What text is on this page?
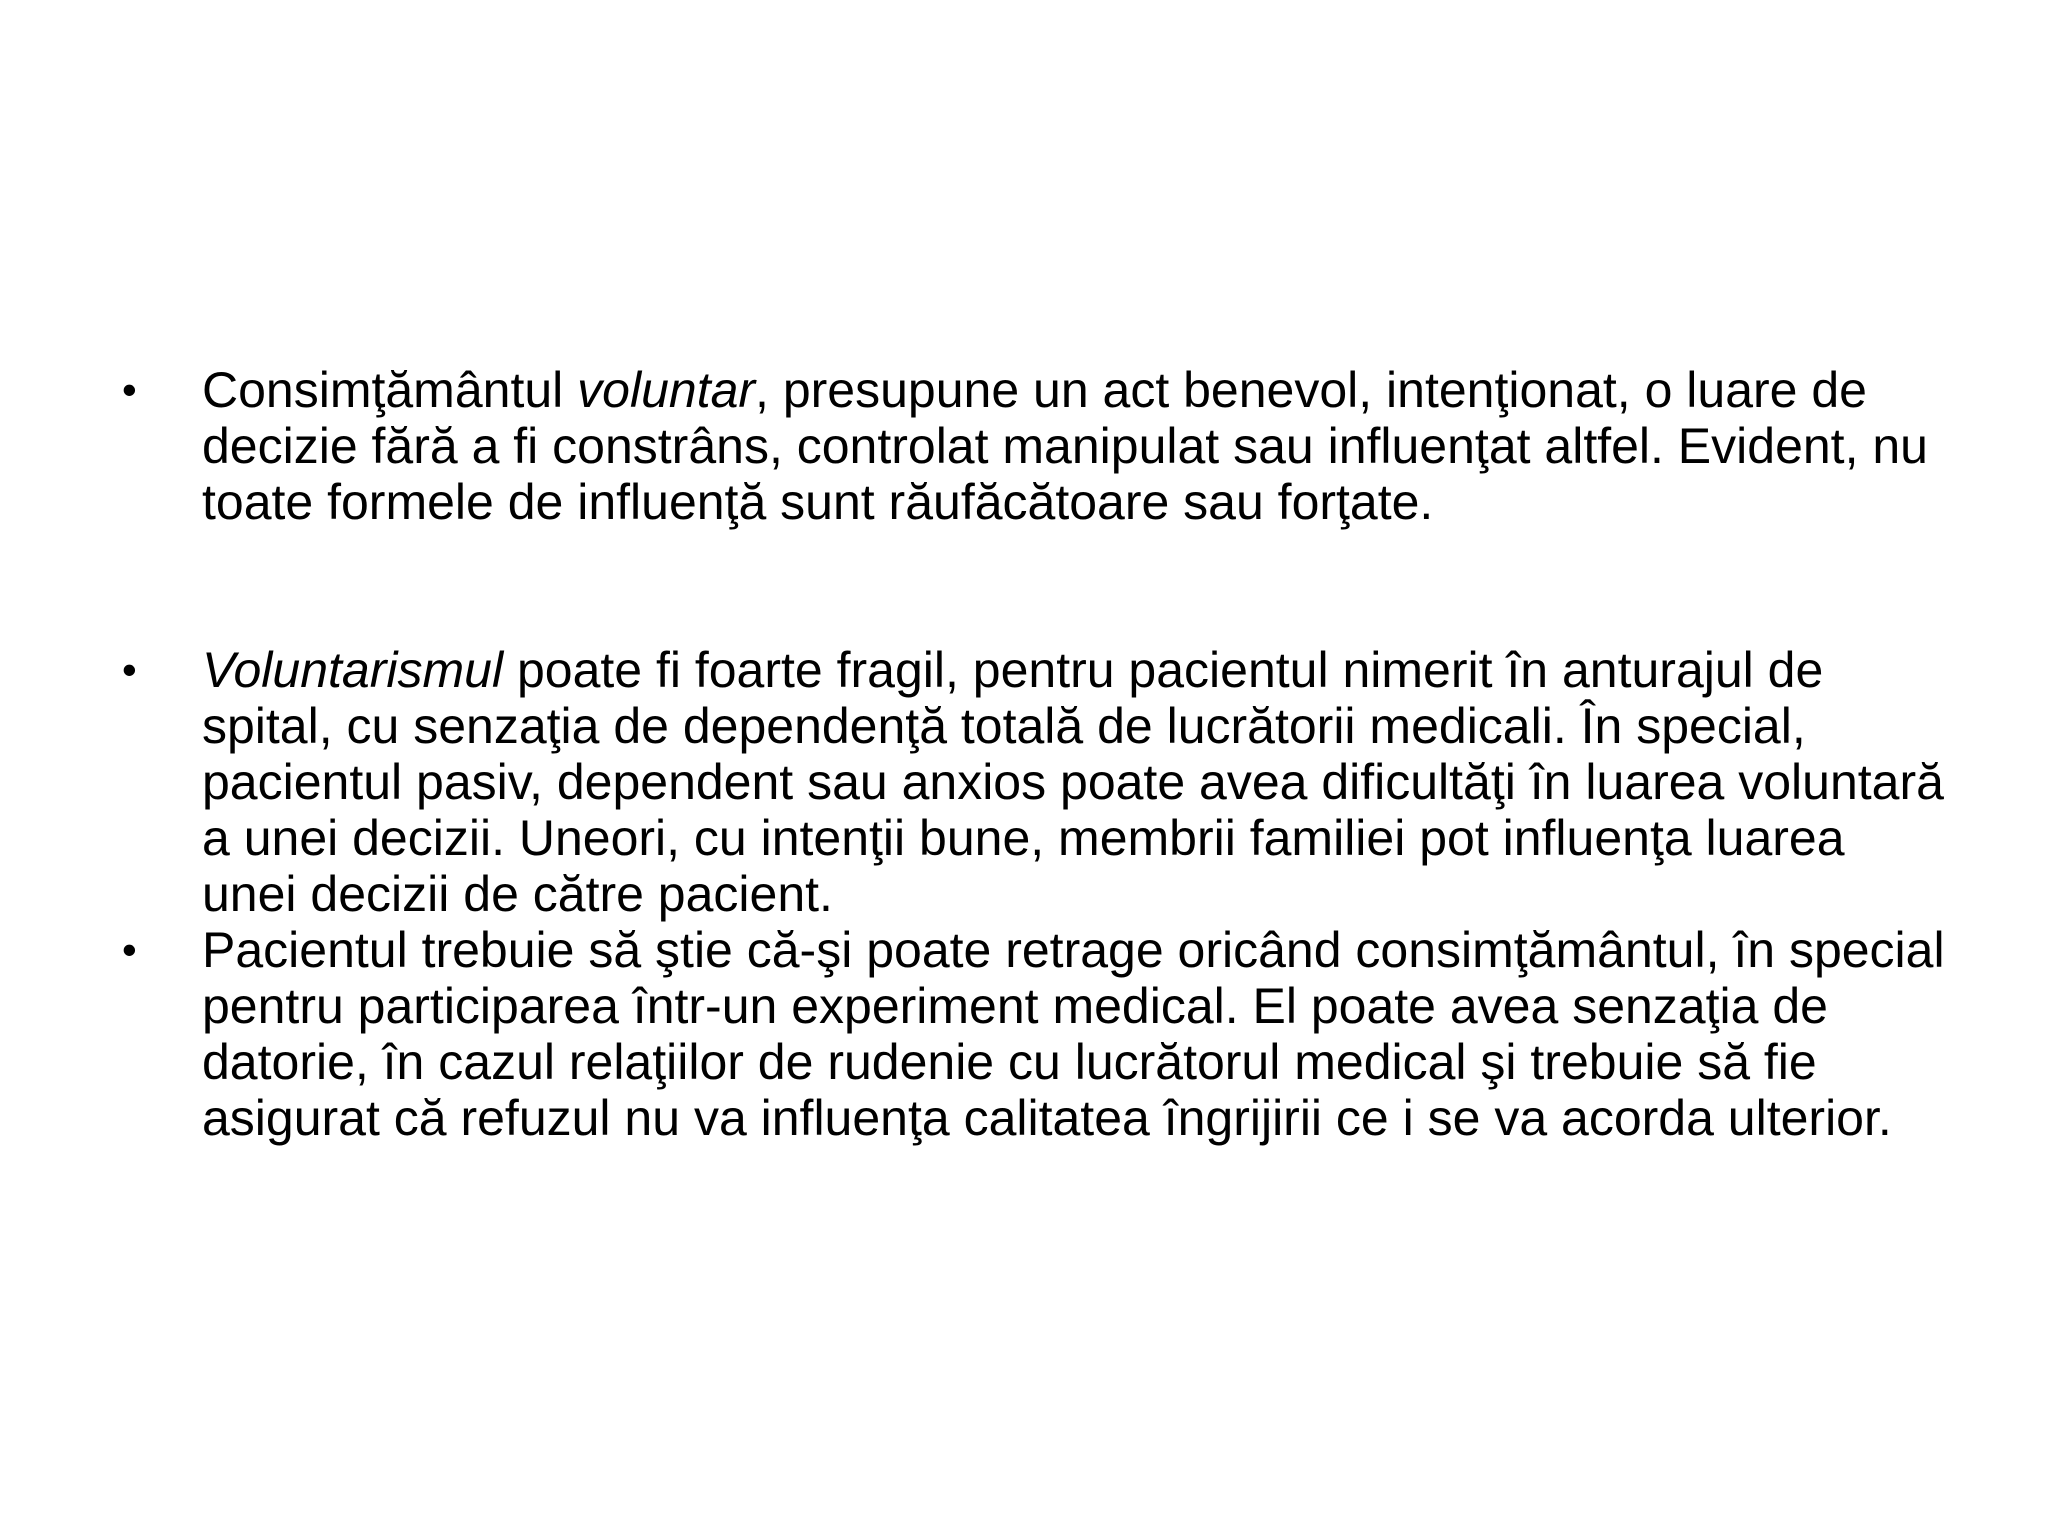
•	Consimţământul voluntar, presupune un act benevol, intenţionat, o luare de decizie fără a fi constrâns, controlat manipulat sau influenţat altfel. Evident, nu toate formele de influenţă sunt răufăcătoare sau forţate.
•	Voluntarismul poate fi foarte fragil, pentru pacientul nimerit în anturajul de spital, cu senzaţia de dependenţă totală de lucrătorii medicali. În special, pacientul pasiv, dependent sau anxios poate avea dificultăţi în luarea voluntară a unei decizii. Uneori, cu intenţii bune, membrii familiei pot influenţa luarea unei decizii de către pacient.
•	Pacientul trebuie să ştie că-şi poate retrage oricând consimţământul, în special pentru participarea într-un experiment medical. El poate avea senzaţia de datorie, în cazul relaţiilor de rudenie cu lucrătorul medical şi trebuie să fie asigurat că refuzul nu va influenţa calitatea îngrijirii ce i se va acorda ulterior.
